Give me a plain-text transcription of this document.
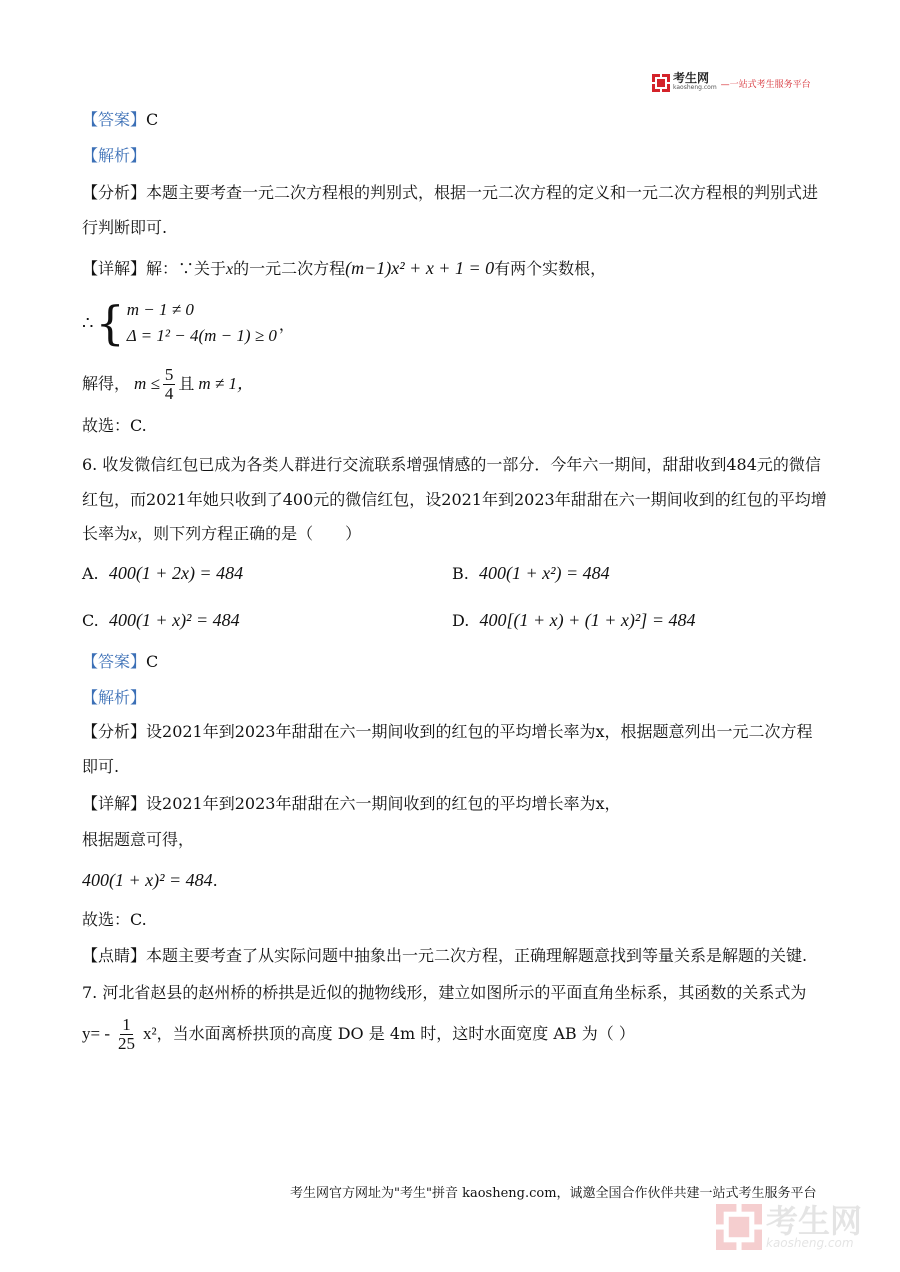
考生网
kaosheng.com —一站式考生服务平台
【答案】C
【解析】
【分析】本题主要考查一元二次方程根的判别式，根据一元二次方程的定义和一元二次方程根的判别式进
行判断即可.
【详解】解：∵关于x的一元二次方程(m−1)x² + x + 1 = 0有两个实数根，
∴ { m − 1 ≠ 0
Δ = 1² − 4(m − 1) ≥ 0
，
解得， $m \le \frac{5}{4}$ 且 m ≠ 1，
故选：C.
6. 收发微信红包已成为各类人群进行交流联系增强情感的一部分．今年六一期间，甜甜收到484元的微信
红包，而2021年她只收到了400元的微信红包，设2021年到2023年甜甜在六一期间收到的红包的平均增
长率为x，则下列方程正确的是（　　）
A. 400(1 + 2x) = 484	B. 400(1 + x²) = 484
C. 400(1 + x)² = 484	D. 400[(1 + x) + (1 + x)²] = 484
【答案】C
【解析】
【分析】设2021年到2023年甜甜在六一期间收到的红包的平均增长率为x，根据题意列出一元二次方程
即可.
【详解】设2021年到2023年甜甜在六一期间收到的红包的平均增长率为x，
根据题意可得，
400(1 + x)² = 484.
故选：C.
【点睛】本题主要考查了从实际问题中抽象出一元二次方程，正确理解题意找到等量关系是解题的关键.
7. 河北省赵县的赵州桥的桥拱是近似的抛物线形，建立如图所示的平面直角坐标系，其函数的关系式为
$y= - \frac{1}{25} x^2$ ，当水面离桥拱顶的高度 DO 是 4m 时，这时水面宽度 AB 为（ ）
考生网官方网址为"考生"拼音 kaosheng.com，诚邀全国合作伙伴共建一站式考生服务平台
考生网
kaosheng.com
